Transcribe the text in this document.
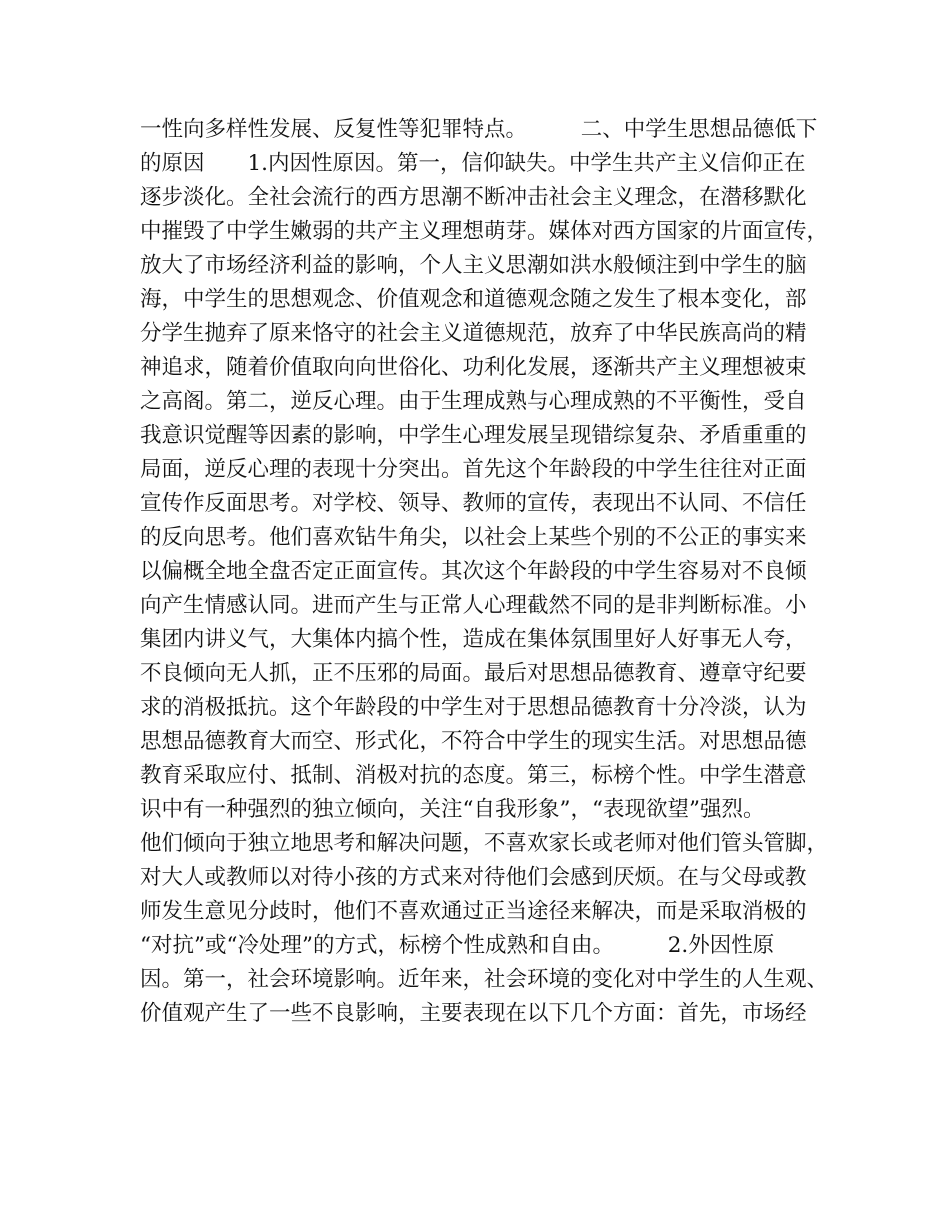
一性向多样性发展、反复性等犯罪特点。　　　二、中学生思想品德低下
的原因　　1.内因性原因。第一，信仰缺失。中学生共产主义信仰正在
逐步淡化。全社会流行的西方思潮不断冲击社会主义理念，在潜移默化
中摧毁了中学生嫩弱的共产主义理想萌芽。媒体对西方国家的片面宣传，
放大了市场经济利益的影响，个人主义思潮如洪水般倾注到中学生的脑
海，中学生的思想观念、价值观念和道德观念随之发生了根本变化，部
分学生抛弃了原来恪守的社会主义道德规范，放弃了中华民族高尚的精
神追求，随着价值取向向世俗化、功利化发展，逐渐共产主义理想被束
之高阁。第二，逆反心理。由于生理成熟与心理成熟的不平衡性，受自
我意识觉醒等因素的影响，中学生心理发展呈现错综复杂、矛盾重重的
局面，逆反心理的表现十分突出。首先这个年龄段的中学生往往对正面
宣传作反面思考。对学校、领导、教师的宣传，表现出不认同、不信任
的反向思考。他们喜欢钻牛角尖，以社会上某些个别的不公正的事实来
以偏概全地全盘否定正面宣传。其次这个年龄段的中学生容易对不良倾
向产生情感认同。进而产生与正常人心理截然不同的是非判断标准。小
集团内讲义气，大集体内搞个性，造成在集体氛围里好人好事无人夸，
不良倾向无人抓，正不压邪的局面。最后对思想品德教育、遵章守纪要
求的消极抵抗。这个年龄段的中学生对于思想品德教育十分冷淡，认为
思想品德教育大而空、形式化，不符合中学生的现实生活。对思想品德
教育采取应付、抵制、消极对抗的态度。第三，标榜个性。中学生潜意
识中有一种强烈的独立倾向，关注“自我形象”，“表现欲望”强烈。
他们倾向于独立地思考和解决问题，不喜欢家长或老师对他们管头管脚，
对大人或教师以对待小孩的方式来对待他们会感到厌烦。在与父母或教
师发生意见分歧时，他们不喜欢通过正当途径来解决，而是采取消极的
“对抗”或“冷处理”的方式，标榜个性成熟和自由。　　　2.外因性原
因。第一，社会环境影响。近年来，社会环境的变化对中学生的人生观、
价值观产生了一些不良影响，主要表现在以下几个方面：首先，市场经
